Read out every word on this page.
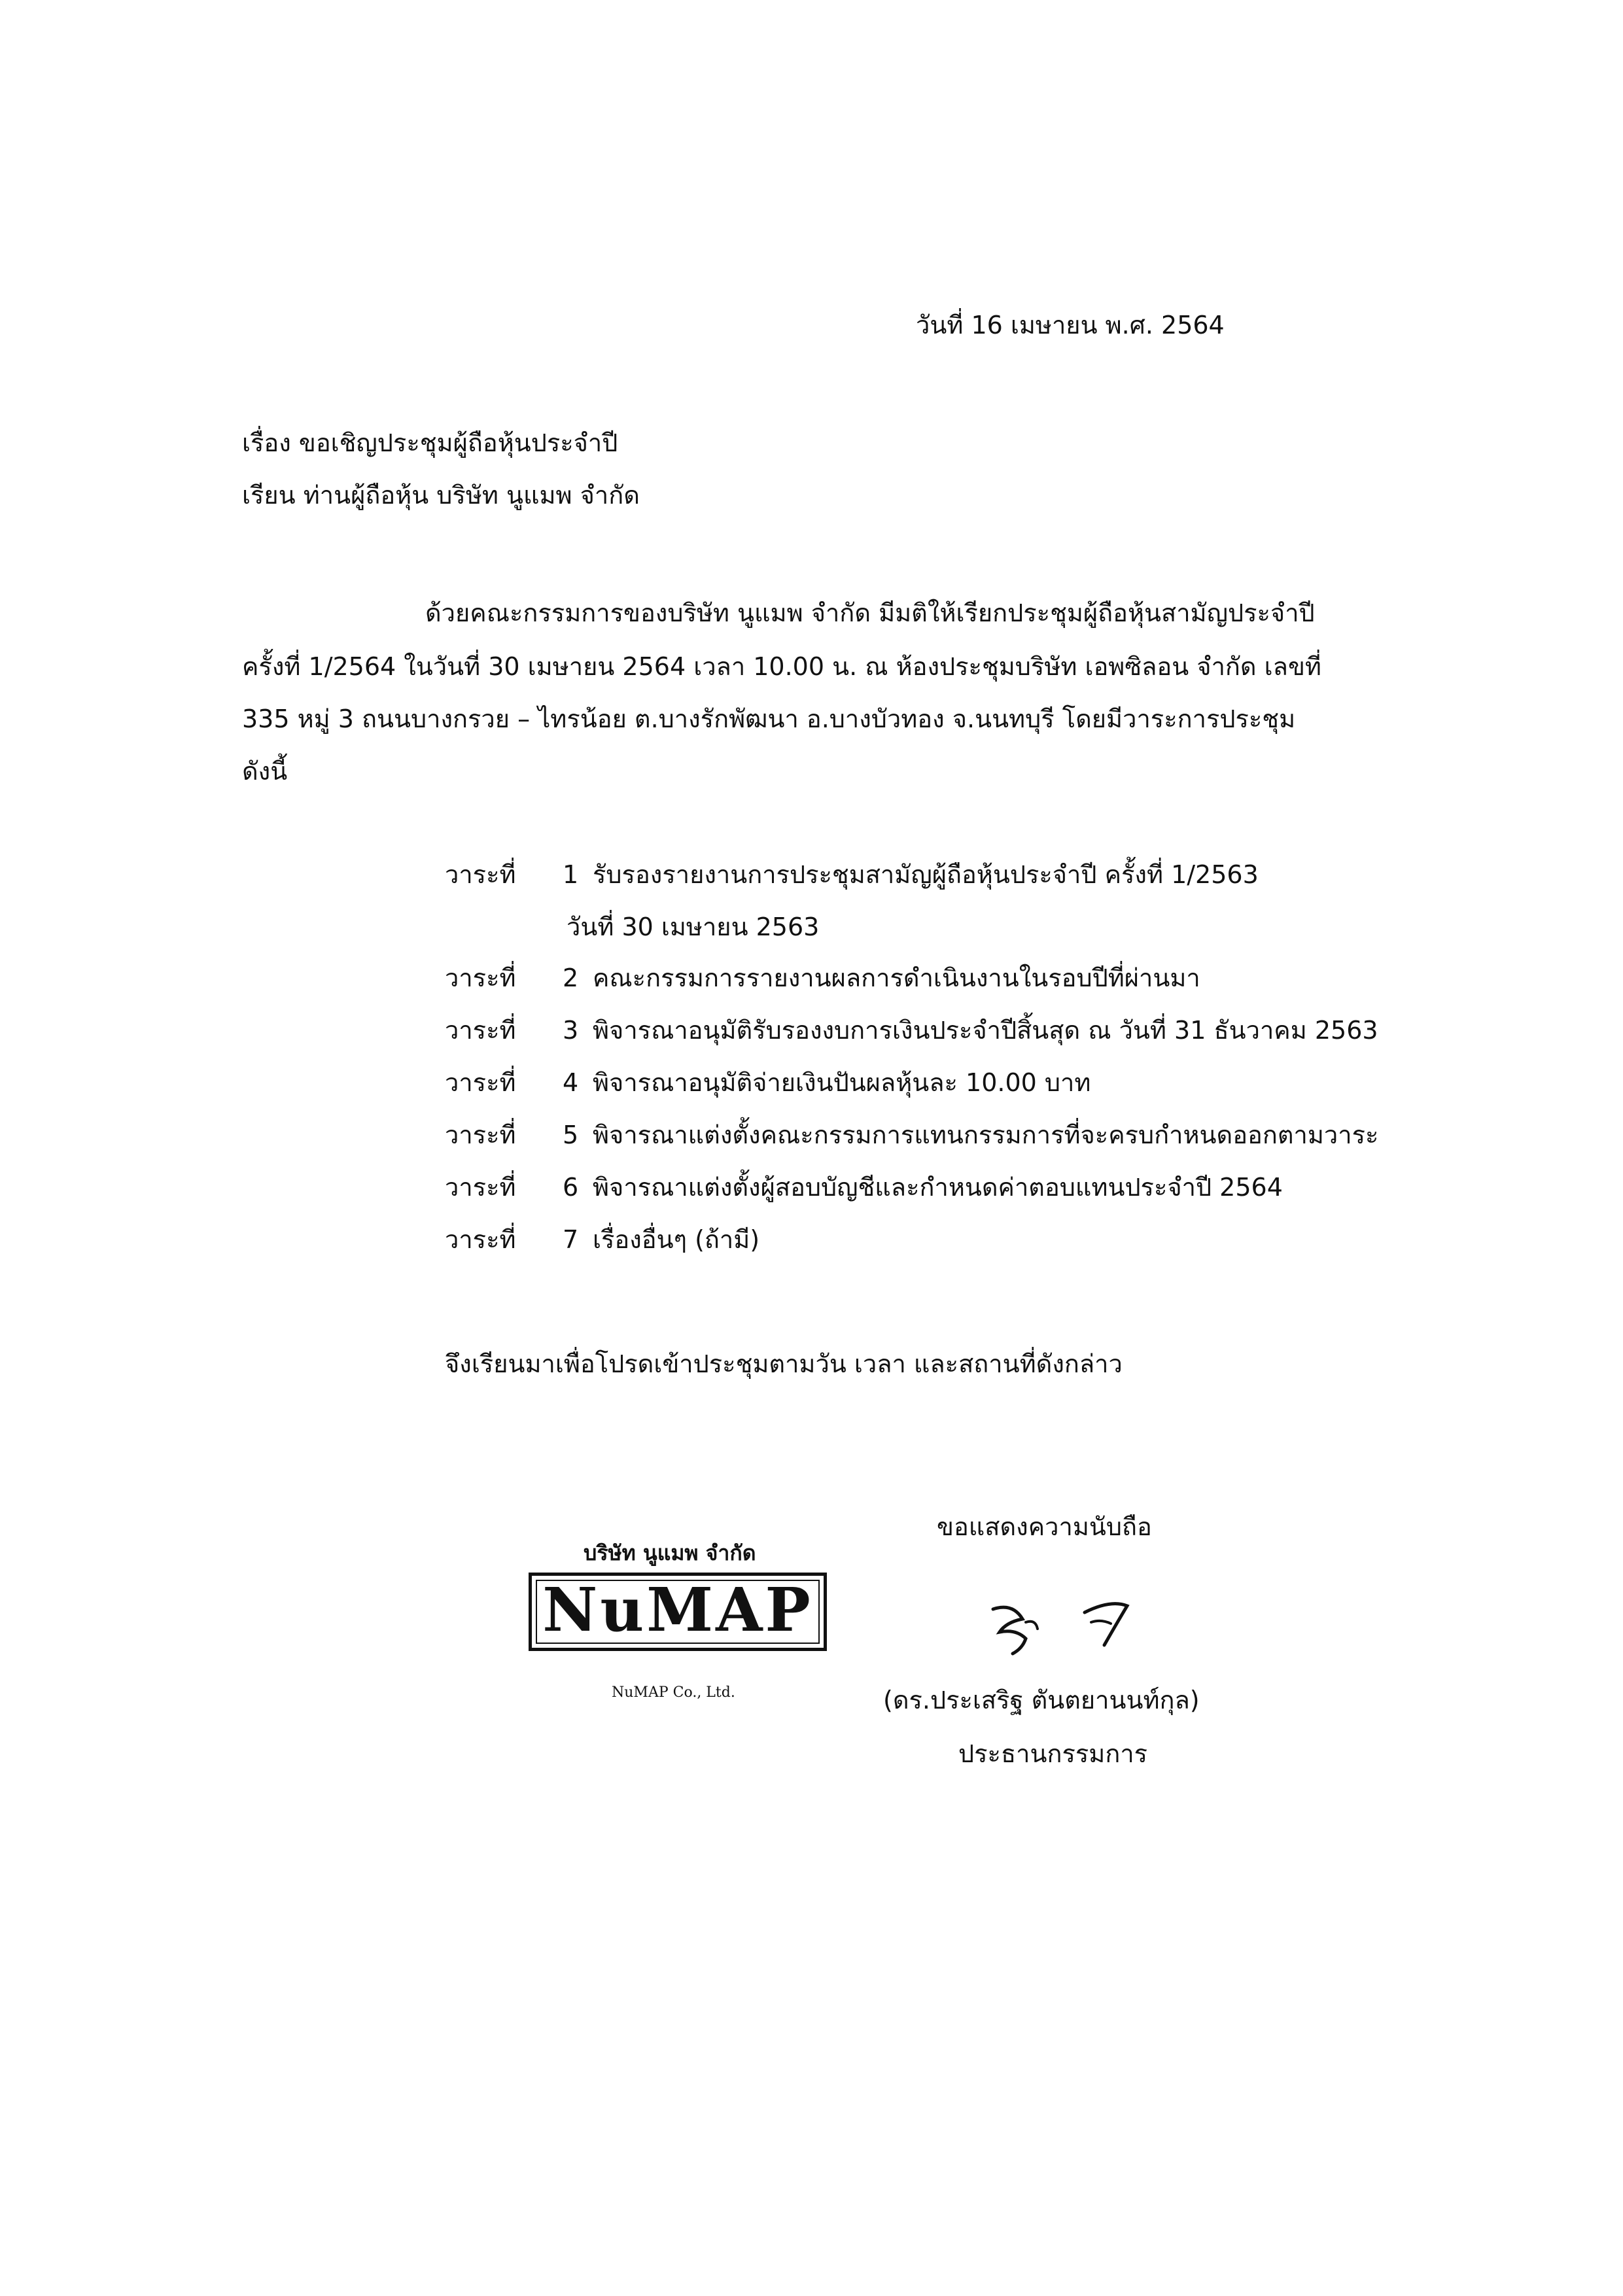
วันที่ 16 เมษายน พ.ศ. 2564
เรื่อง ขอเชิญประชุมผู้ถือหุ้นประจำปี
เรียน ท่านผู้ถือหุ้น บริษัท นูแมพ จำกัด
ด้วยคณะกรรมการของบริษัท นูแมพ จำกัด มีมติให้เรียกประชุมผู้ถือหุ้นสามัญประจำปี
ครั้งที่ 1/2564 ในวันที่ 30 เมษายน 2564 เวลา 10.00 น. ณ ห้องประชุมบริษัท เอพซิลอน จำกัด เลขที่
335 หมู่ 3 ถนนบางกรวย – ไทรน้อย ต.บางรักพัฒนา อ.บางบัวทอง จ.นนทบุรี โดยมีวาระการประชุม
ดังนี้
วาระที่ 1 รับรองรายงานการประชุมสามัญผู้ถือหุ้นประจำปี ครั้งที่ 1/2563
วันที่ 30 เมษายน 2563
วาระที่ 2 คณะกรรมการรายงานผลการดำเนินงานในรอบปีที่ผ่านมา
วาระที่ 3 พิจารณาอนุมัติรับรองงบการเงินประจำปีสิ้นสุด ณ วันที่ 31 ธันวาคม 2563
วาระที่ 4 พิจารณาอนุมัติจ่ายเงินปันผลหุ้นละ 10.00 บาท
วาระที่ 5 พิจารณาแต่งตั้งคณะกรรมการแทนกรรมการที่จะครบกำหนดออกตามวาระ
วาระที่ 6 พิจารณาแต่งตั้งผู้สอบบัญชีและกำหนดค่าตอบแทนประจำปี 2564
วาระที่ 7 เรื่องอื่นๆ (ถ้ามี)
จึงเรียนมาเพื่อโปรดเข้าประชุมตามวัน เวลา และสถานที่ดังกล่าว
ขอแสดงความนับถือ
บริษัท นูแมพ จำกัด
NuMAP
NuMAP Co., Ltd.	(ดร.ประเสริฐ ตันตยานนท์กุล)
ประธานกรรมการ
